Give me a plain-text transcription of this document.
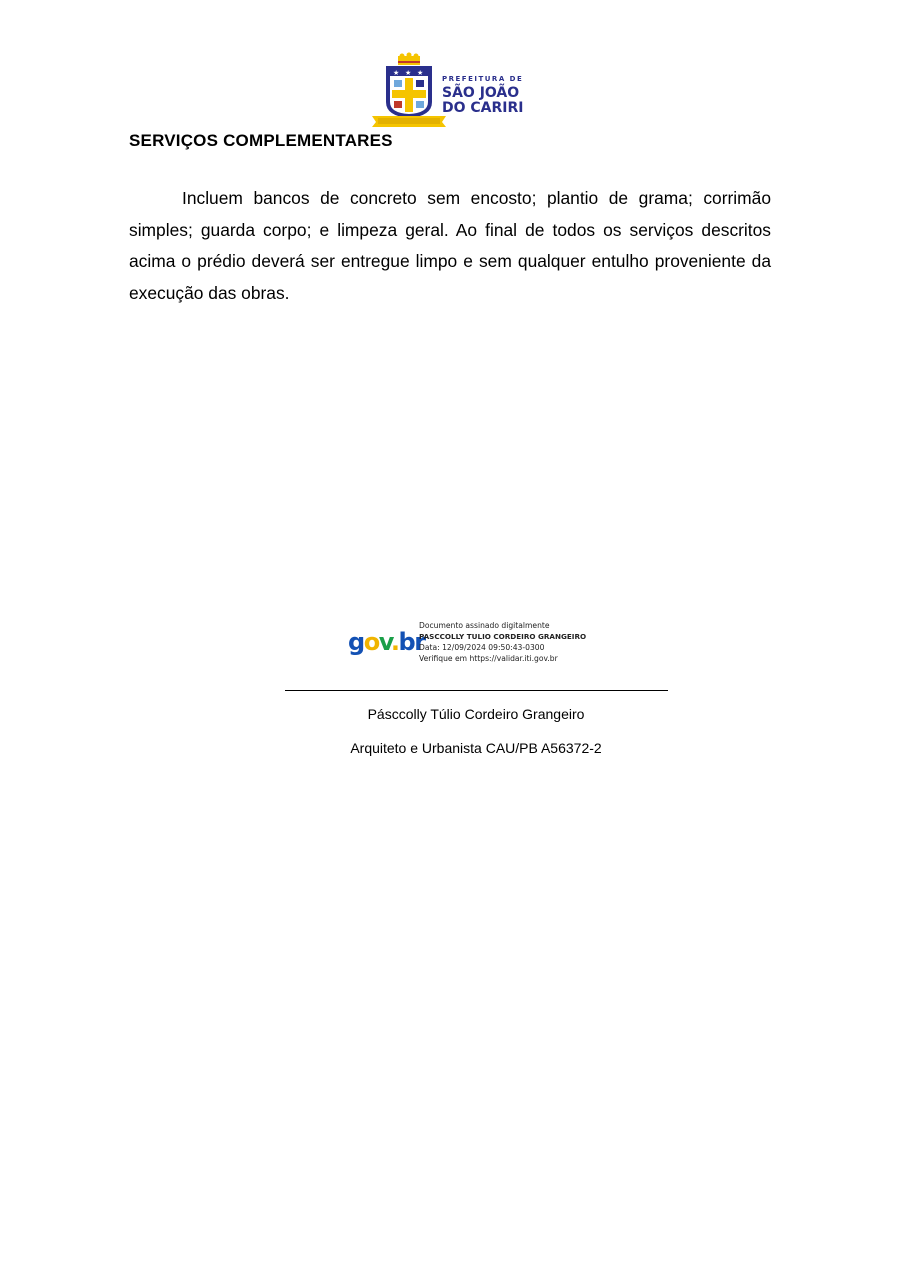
★ ★ ★
PREFEITURA DE
SÃO JOÃO
DO CARIRI
SERVIÇOS COMPLEMENTARES

Incluem bancos de concreto sem encosto; plantio de grama; corrimão simples; guarda corpo; e limpeza geral. Ao final de todos os serviços descritos acima o prédio deverá ser entregue limpo e sem qualquer entulho proveniente da execução das obras.

gov.br
Documento assinado digitalmente
PASCCOLLY TULIO CORDEIRO GRANGEIRO
Data: 12/09/2024 09:50:43-0300
Verifique em https://validar.iti.gov.br
Pásccolly Túlio Cordeiro Grangeiro
Arquiteto e Urbanista CAU/PB A56372-2
